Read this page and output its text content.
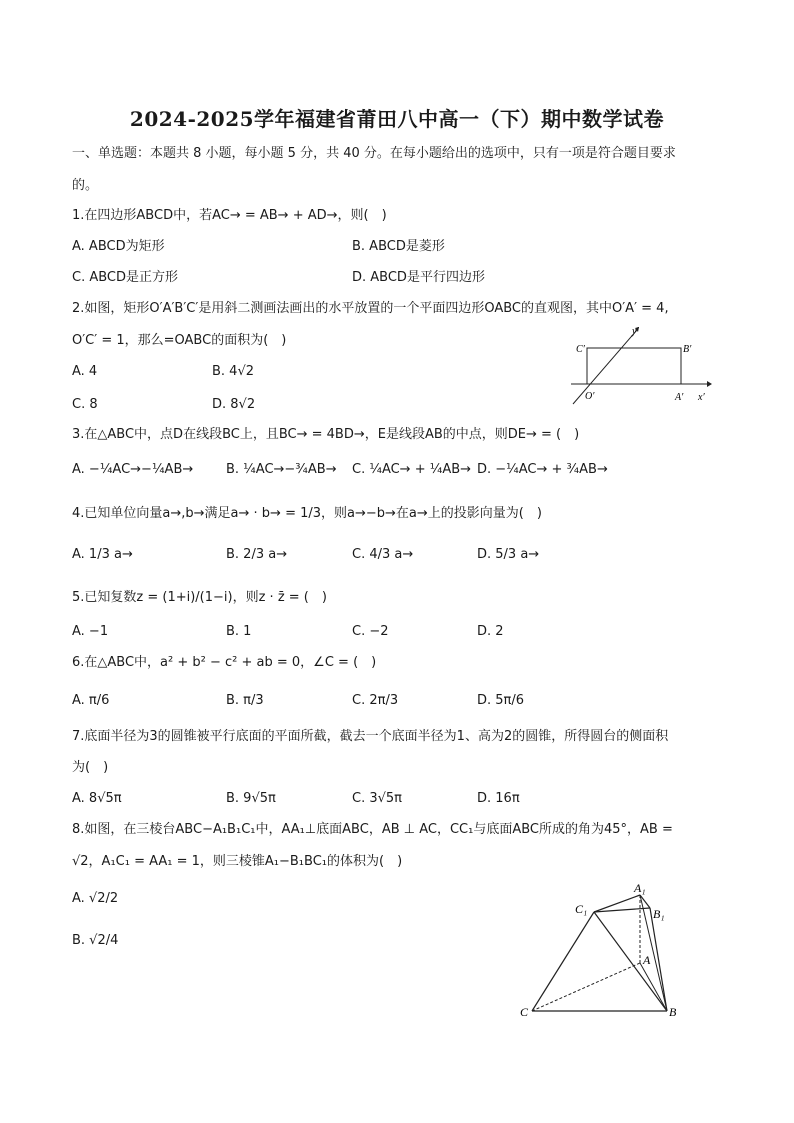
2024-2025学年福建省莆田八中高一（下）期中数学试卷
一、单选题：本题共 8 小题，每小题 5 分，共 40 分。在每小题给出的选项中，只有一项是符合题目要求
的。
1.在四边形ABCD中，若AC→ = AB→ + AD→，则(　)
A. ABCD为矩形	B. ABCD是菱形
C. ABCD是正方形	D. ABCD是平行四边形
2.如图，矩形O′A′B′C′是用斜二测画法画出的水平放置的一个平面四边形OABC的直观图，其中O′A′ = 4,
O′C′ = 1，那么=OABC的面积为(　)
A. 4	B. 4√2
C. 8	D. 8√2
C′	B′
O′	A′ x′
y′
3.在△ABC中，点D在线段BC上，且BC→ = 4BD→，E是线段AB的中点，则DE→ = (　)
A. −¼AC→−¼AB→	B. ¼AC→−¾AB→ C. ¼AC→ + ¼AB→ D. −¼AC→ + ¾AB→
4.已知单位向量a→,b→满足a→ · b→ = 1/3，则a→−b→在a→上的投影向量为(　)
A. 1/3 a→	B. 2/3 a→	C. 4/3 a→	D. 5/3 a→
5.已知复数z = (1+i)/(1−i)，则z · z̄ = (　)
A. −1	B. 1	C. −2	D. 2
6.在△ABC中，a² + b² − c² + ab = 0，∠C = (　)
A. π/6	B. π/3	C. 2π/3	D. 5π/6
7.底面半径为3的圆锥被平行底面的平面所截，截去一个底面半径为1、高为2的圆锥，所得圆台的侧面积
为(　)
A. 8√5π	B. 9√5π	C. 3√5π	D. 16π
8.如图，在三棱台ABC−A₁B₁C₁中，AA₁⊥底面ABC，AB ⊥ AC，CC₁与底面ABC所成的角为45°，AB =
√2，A₁C₁ = AA₁ = 1，则三棱锥A₁−B₁BC₁的体积为(　)
A. √2/2
B. √2/4
A₁
C₁	B₁
A
C	B
